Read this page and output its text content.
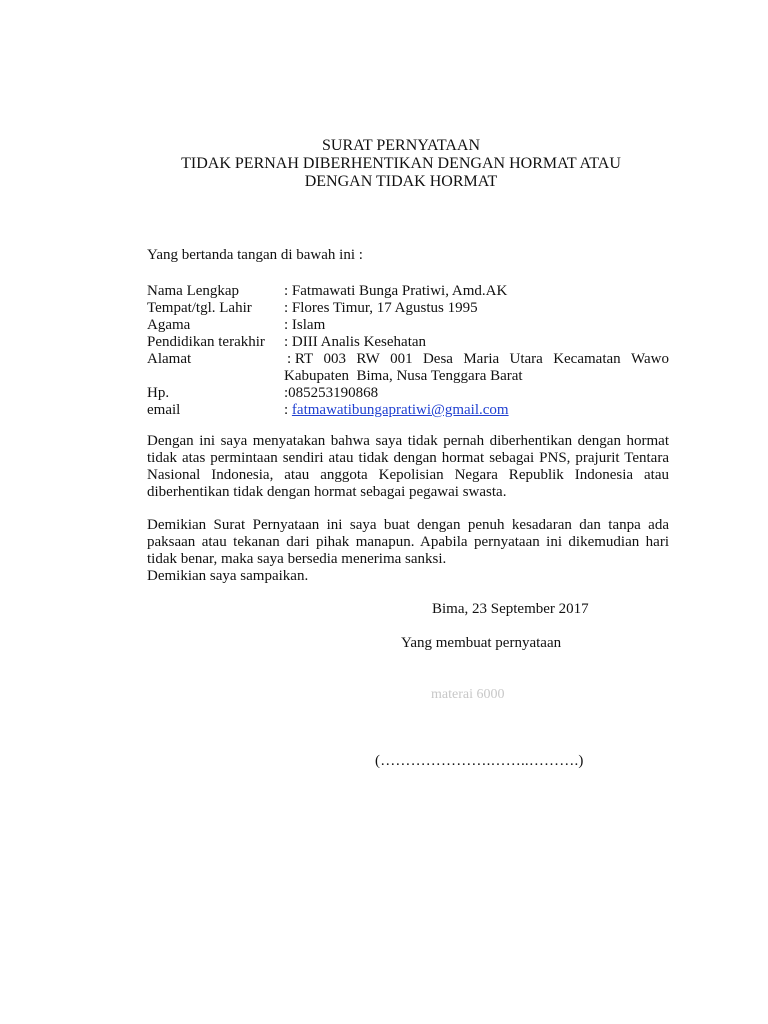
SURAT PERNYATAAN
TIDAK PERNAH DIBERHENTIKAN DENGAN HORMAT ATAU
DENGAN TIDAK HORMAT
Yang bertanda tangan di bawah ini :
Nama Lengkap	: Fatmawati Bunga Pratiwi, Amd.AK
Tempat/tgl. Lahir	: Flores Timur, 17 Agustus 1995
Agama	: Islam
Pendidikan terakhir	: DIII Analis Kesehatan
Alamat	: RT 003 RW 001 Desa Maria Utara Kecamatan Wawo
Kabupaten  Bima, Nusa Tenggara Barat
Hp.	:085253190868
email	: fatmawatibungapratiwi@gmail.com
Dengan ini saya menyatakan bahwa saya tidak pernah diberhentikan dengan hormat tidak atas permintaan sendiri atau tidak dengan hormat sebagai PNS, prajurit Tentara Nasional Indonesia, atau anggota Kepolisian Negara Republik Indonesia atau diberhentikan tidak dengan hormat sebagai pegawai swasta.
Demikian Surat Pernyataan ini saya buat dengan penuh kesadaran dan tanpa ada paksaan atau tekanan dari pihak manapun. Apabila pernyataan ini dikemudian hari tidak benar, maka saya bersedia menerima sanksi.
Demikian saya sampaikan.
Bima, 23 September 2017
Yang membuat pernyataan
materai 6000
(………………….……..……….)
